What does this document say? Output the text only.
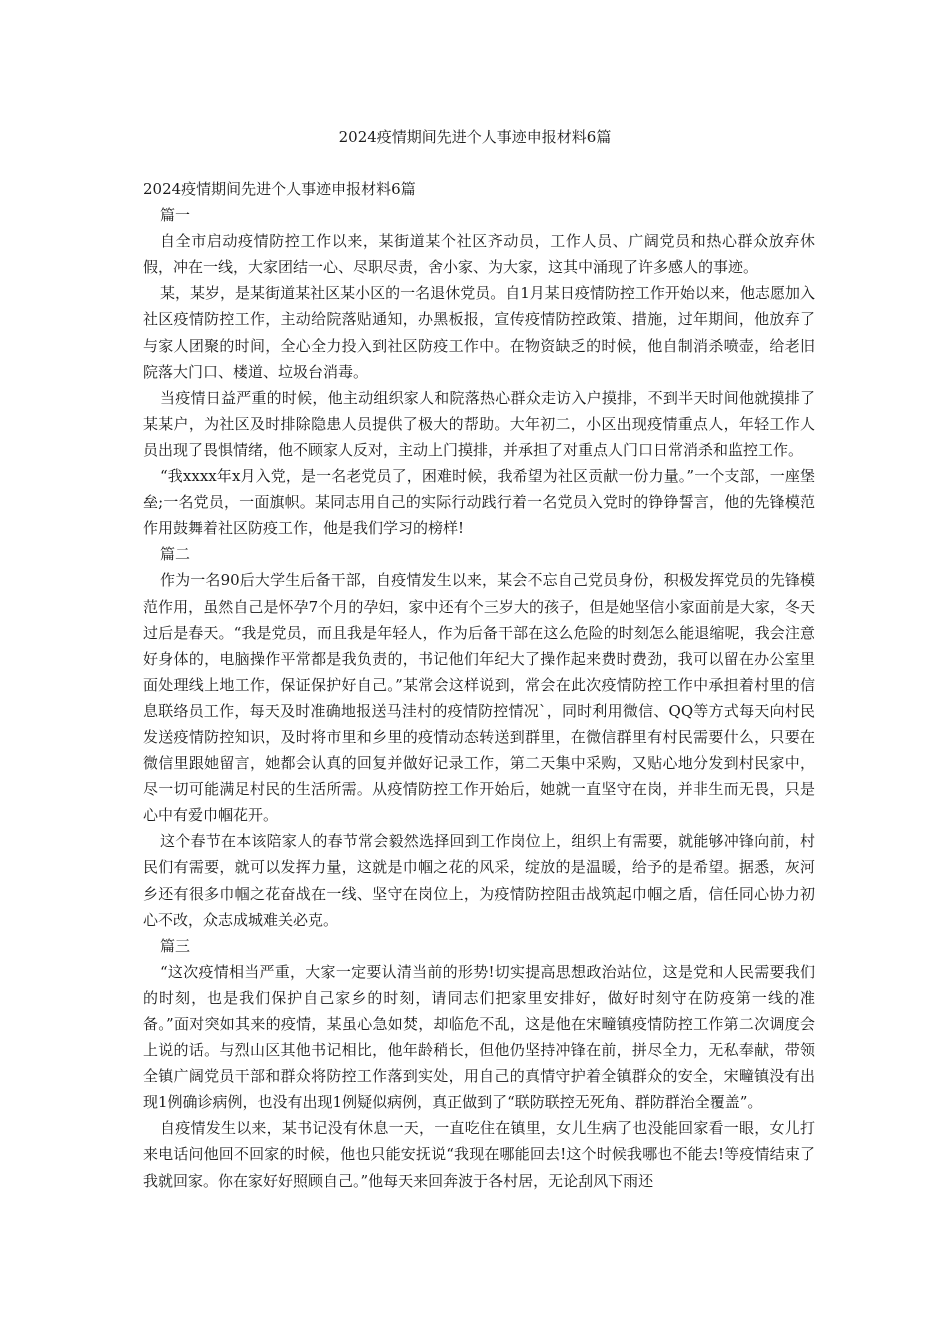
2024疫情期间先进个人事迹申报材料6篇

2024疫情期间先进个人事迹申报材料6篇

篇一

自全市启动疫情防控工作以来，某街道某个社区齐动员，工作人员、广阔党员和热心群众放弃休假，冲在一线，大家团结一心、尽职尽责，舍小家、为大家，这其中涌现了许多感人的事迹。

某，某岁，是某街道某社区某小区的一名退休党员。自1月某日疫情防控工作开始以来，他志愿加入社区疫情防控工作，主动给院落贴通知，办黑板报，宣传疫情防控政策、措施，过年期间，他放弃了与家人团聚的时间，全心全力投入到社区防疫工作中。在物资缺乏的时候，他自制消杀喷壶，给老旧院落大门口、楼道、垃圾台消毒。

当疫情日益严重的时候，他主动组织家人和院落热心群众走访入户摸排，不到半天时间他就摸排了某某户，为社区及时排除隐患人员提供了极大的帮助。大年初二，小区出现疫情重点人，年轻工作人员出现了畏惧情绪，他不顾家人反对，主动上门摸排，并承担了对重点人门口日常消杀和监控工作。

“我xxxx年x月入党，是一名老党员了，困难时候，我希望为社区贡献一份力量。”一个支部，一座堡垒;一名党员，一面旗帜。某同志用自己的实际行动践行着一名党员入党时的铮铮誓言，他的先锋模范作用鼓舞着社区防疫工作，他是我们学习的榜样!

篇二

作为一名90后大学生后备干部，自疫情发生以来，某会不忘自己党员身份，积极发挥党员的先锋模范作用，虽然自己是怀孕7个月的孕妇，家中还有个三岁大的孩子，但是她坚信小家面前是大家，冬天过后是春天。“我是党员，而且我是年轻人，作为后备干部在这么危险的时刻怎么能退缩呢，我会注意好身体的，电脑操作平常都是我负责的，书记他们年纪大了操作起来费时费劲，我可以留在办公室里面处理线上地工作，保证保护好自己。”某常会这样说到，常会在此次疫情防控工作中承担着村里的信息联络员工作，每天及时准确地报送马洼村的疫情防控情况`，同时利用微信、QQ等方式每天向村民发送疫情防控知识，及时将市里和乡里的疫情动态转送到群里，在微信群里有村民需要什么，只要在微信里跟她留言，她都会认真的回复并做好记录工作，第二天集中采购，又贴心地分发到村民家中，尽一切可能满足村民的生活所需。从疫情防控工作开始后，她就一直坚守在岗，并非生而无畏，只是心中有爱巾帼花开。

这个春节在本该陪家人的春节常会毅然选择回到工作岗位上，组织上有需要，就能够冲锋向前，村民们有需要，就可以发挥力量，这就是巾帼之花的风采，绽放的是温暖，给予的是希望。据悉，灰河乡还有很多巾帼之花奋战在一线、坚守在岗位上，为疫情防控阻击战筑起巾帼之盾，信任同心协力初心不改，众志成城难关必克。

篇三

“这次疫情相当严重，大家一定要认清当前的形势!切实提高思想政治站位，这是党和人民需要我们的时刻，也是我们保护自己家乡的时刻，请同志们把家里安排好，做好时刻守在防疫第一线的准备。”面对突如其来的疫情，某虽心急如焚，却临危不乱，这是他在宋疃镇疫情防控工作第二次调度会上说的话。与烈山区其他书记相比，他年龄稍长，但他仍坚持冲锋在前，拼尽全力，无私奉献，带领全镇广阔党员干部和群众将防控工作落到实处，用自己的真情守护着全镇群众的安全，宋疃镇没有出现1例确诊病例，也没有出现1例疑似病例，真正做到了“联防联控无死角、群防群治全覆盖”。

自疫情发生以来，某书记没有休息一天，一直吃住在镇里，女儿生病了也没能回家看一眼，女儿打来电话问他回不回家的时候，他也只能安抚说“我现在哪能回去!这个时候我哪也不能去!等疫情结束了我就回家。你在家好好照顾自己。”他每天来回奔波于各村居，无论刮风下雨还
